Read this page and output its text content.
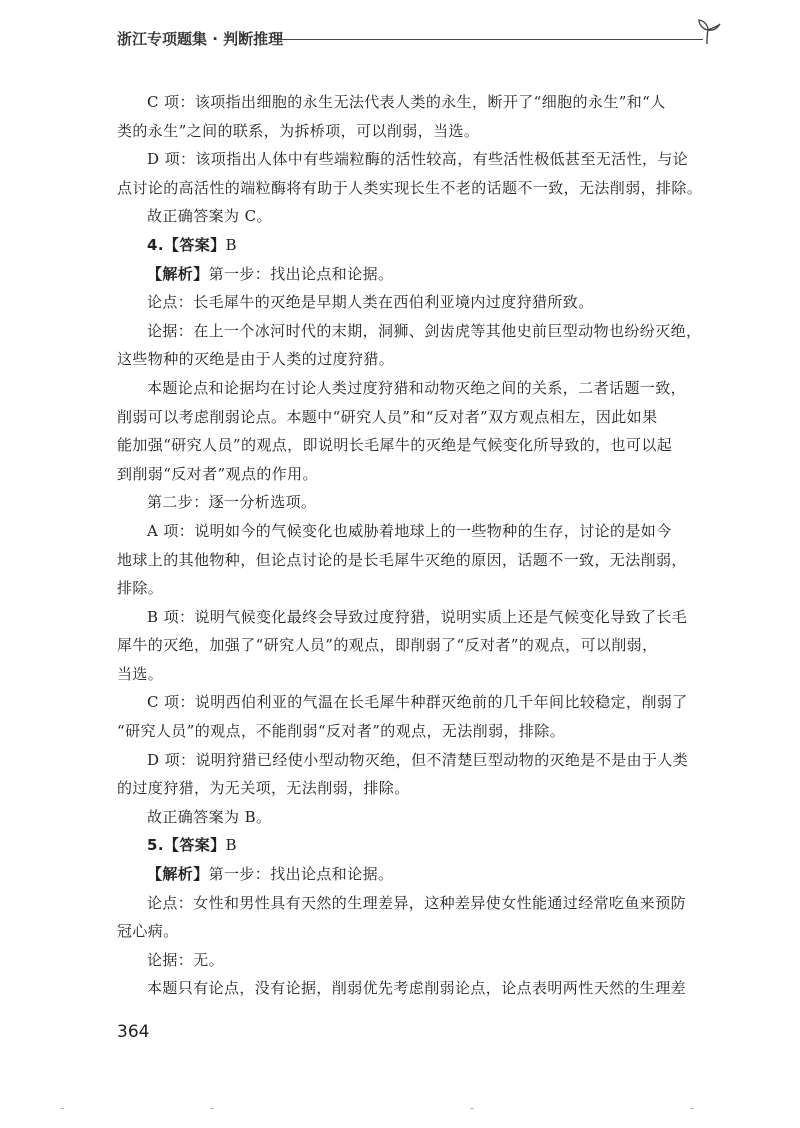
浙江专项题集 · 判断推理
C 项：该项指出细胞的永生无法代表人类的永生，断开了“细胞的永生”和“人
类的永生”之间的联系，为拆桥项，可以削弱，当选。
D 项：该项指出人体中有些端粒酶的活性较高，有些活性极低甚至无活性，与论
点讨论的高活性的端粒酶将有助于人类实现长生不老的话题不一致，无法削弱，排除。
故正确答案为 C。
4.【答案】B
【解析】第一步：找出论点和论据。
论点：长毛犀牛的灭绝是早期人类在西伯利亚境内过度狩猎所致。
论据：在上一个冰河时代的末期，洞狮、剑齿虎等其他史前巨型动物也纷纷灭绝，
这些物种的灭绝是由于人类的过度狩猎。
本题论点和论据均在讨论人类过度狩猎和动物灭绝之间的关系，二者话题一致，
削弱可以考虑削弱论点。本题中“研究人员”和“反对者”双方观点相左，因此如果
能加强“研究人员”的观点，即说明长毛犀牛的灭绝是气候变化所导致的，也可以起
到削弱“反对者”观点的作用。
第二步：逐一分析选项。
A 项：说明如今的气候变化也威胁着地球上的一些物种的生存，讨论的是如今
地球上的其他物种，但论点讨论的是长毛犀牛灭绝的原因，话题不一致，无法削弱，
排除。
B 项：说明气候变化最终会导致过度狩猎，说明实质上还是气候变化导致了长毛
犀牛的灭绝，加强了“研究人员”的观点，即削弱了“反对者”的观点，可以削弱，
当选。
C 项：说明西伯利亚的气温在长毛犀牛种群灭绝前的几千年间比较稳定，削弱了
“研究人员”的观点，不能削弱“反对者”的观点，无法削弱，排除。
D 项：说明狩猎已经使小型动物灭绝，但不清楚巨型动物的灭绝是不是由于人类
的过度狩猎，为无关项，无法削弱，排除。
故正确答案为 B。
5.【答案】B
【解析】第一步：找出论点和论据。
论点：女性和男性具有天然的生理差异，这种差异使女性能通过经常吃鱼来预防
冠心病。
论据：无。
本题只有论点，没有论据，削弱优先考虑削弱论点，论点表明两性天然的生理差
364
